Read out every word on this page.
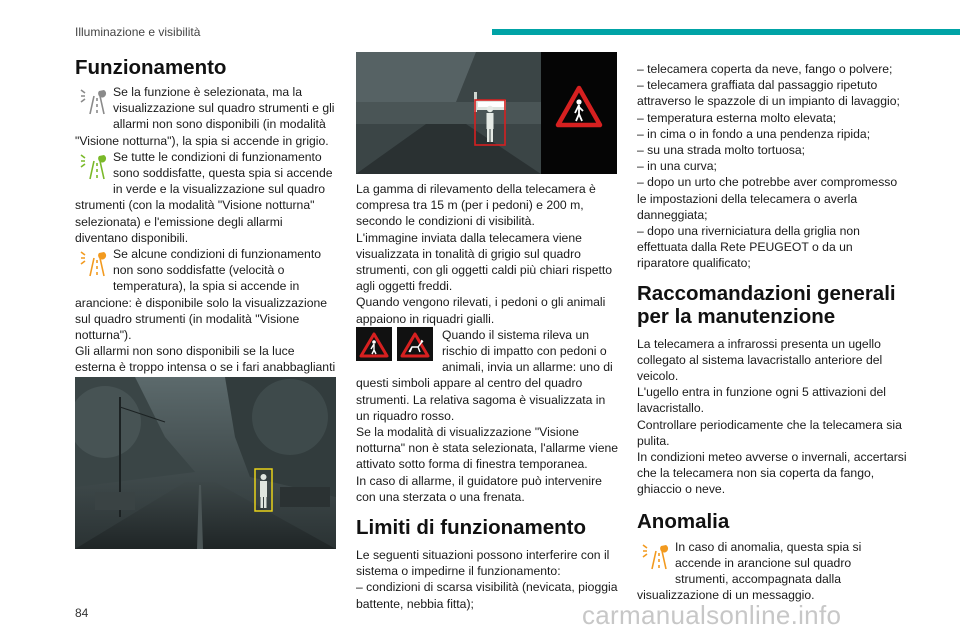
Illuminazione e visibilità
Funzionamento

Se la funzione è selezionata, ma la visualizzazione sul quadro strumenti e gli allarmi non sono disponibili (in modalità "Visione notturna"), la spia si accende in grigio.

Se tutte le condizioni di funzionamento sono soddisfatte, questa spia si accende in verde e la visualizzazione sul quadro strumenti (con la modalità "Visione notturna" selezionata) e l'emissione degli allarmi diventano disponibili.

Se alcune condizioni di funzionamento non sono soddisfatte (velocità o temperatura), la spia si accende in arancione: è disponibile solo la visualizzazione sul quadro strumenti (in modalità "Visione notturna").

Gli allarmi non sono disponibili se la luce esterna è troppo intensa o se i fari anabbaglianti

La gamma di rilevamento della telecamera è compresa tra 15 m (per i pedoni) e 200 m, secondo le condizioni di visibilità.

L'immagine inviata dalla telecamera viene visualizzata in tonalità di grigio sul quadro strumenti, con gli oggetti caldi più chiari rispetto agli oggetti freddi.

Quando vengono rilevati, i pedoni o gli animali appaiono in riquadri gialli.

Quando il sistema rileva un rischio di impatto con pedoni o animali, invia un allarme: uno di questi simboli appare al centro del quadro strumenti. La relativa sagoma è visualizzata in un riquadro rosso.

Se la modalità di visualizzazione "Visione notturna" non è stata selezionata, l'allarme viene attivato sotto forma di finestra temporanea.

In caso di allarme, il guidatore può intervenire con una sterzata o una frenata.

Limiti di funzionamento

Le seguenti situazioni possono interferire con il sistema o impedirne il funzionamento:

– condizioni di scarsa visibilità (nevicata, pioggia battente, nebbia fitta);

– telecamera coperta da neve, fango o polvere;

– telecamera graffiata dal passaggio ripetuto attraverso le spazzole di un impianto di lavaggio;

– temperatura esterna molto elevata;

– in cima o in fondo a una pendenza ripida;

– su una strada molto tortuosa;

– in una curva;

– dopo un urto che potrebbe aver compromesso le impostazioni della telecamera o averla danneggiata;

– dopo una riverniciatura della griglia non effettuata dalla Rete PEUGEOT o da un riparatore qualificato;

Raccomandazioni generali per la manutenzione

La telecamera a infrarossi presenta un ugello collegato al sistema lavacristallo anteriore del veicolo.

L'ugello entra in funzione ogni 5 attivazioni del lavacristallo.

Controllare periodicamente che la telecamera sia pulita.

In condizioni meteo avverse o invernali, accertarsi che la telecamera non sia coperta da fango, ghiaccio o neve.

Anomalia

In caso di anomalia, questa spia si accende in arancione sul quadro strumenti, accompagnata dalla visualizzazione di un messaggio.

84	carmanualsonline.info
